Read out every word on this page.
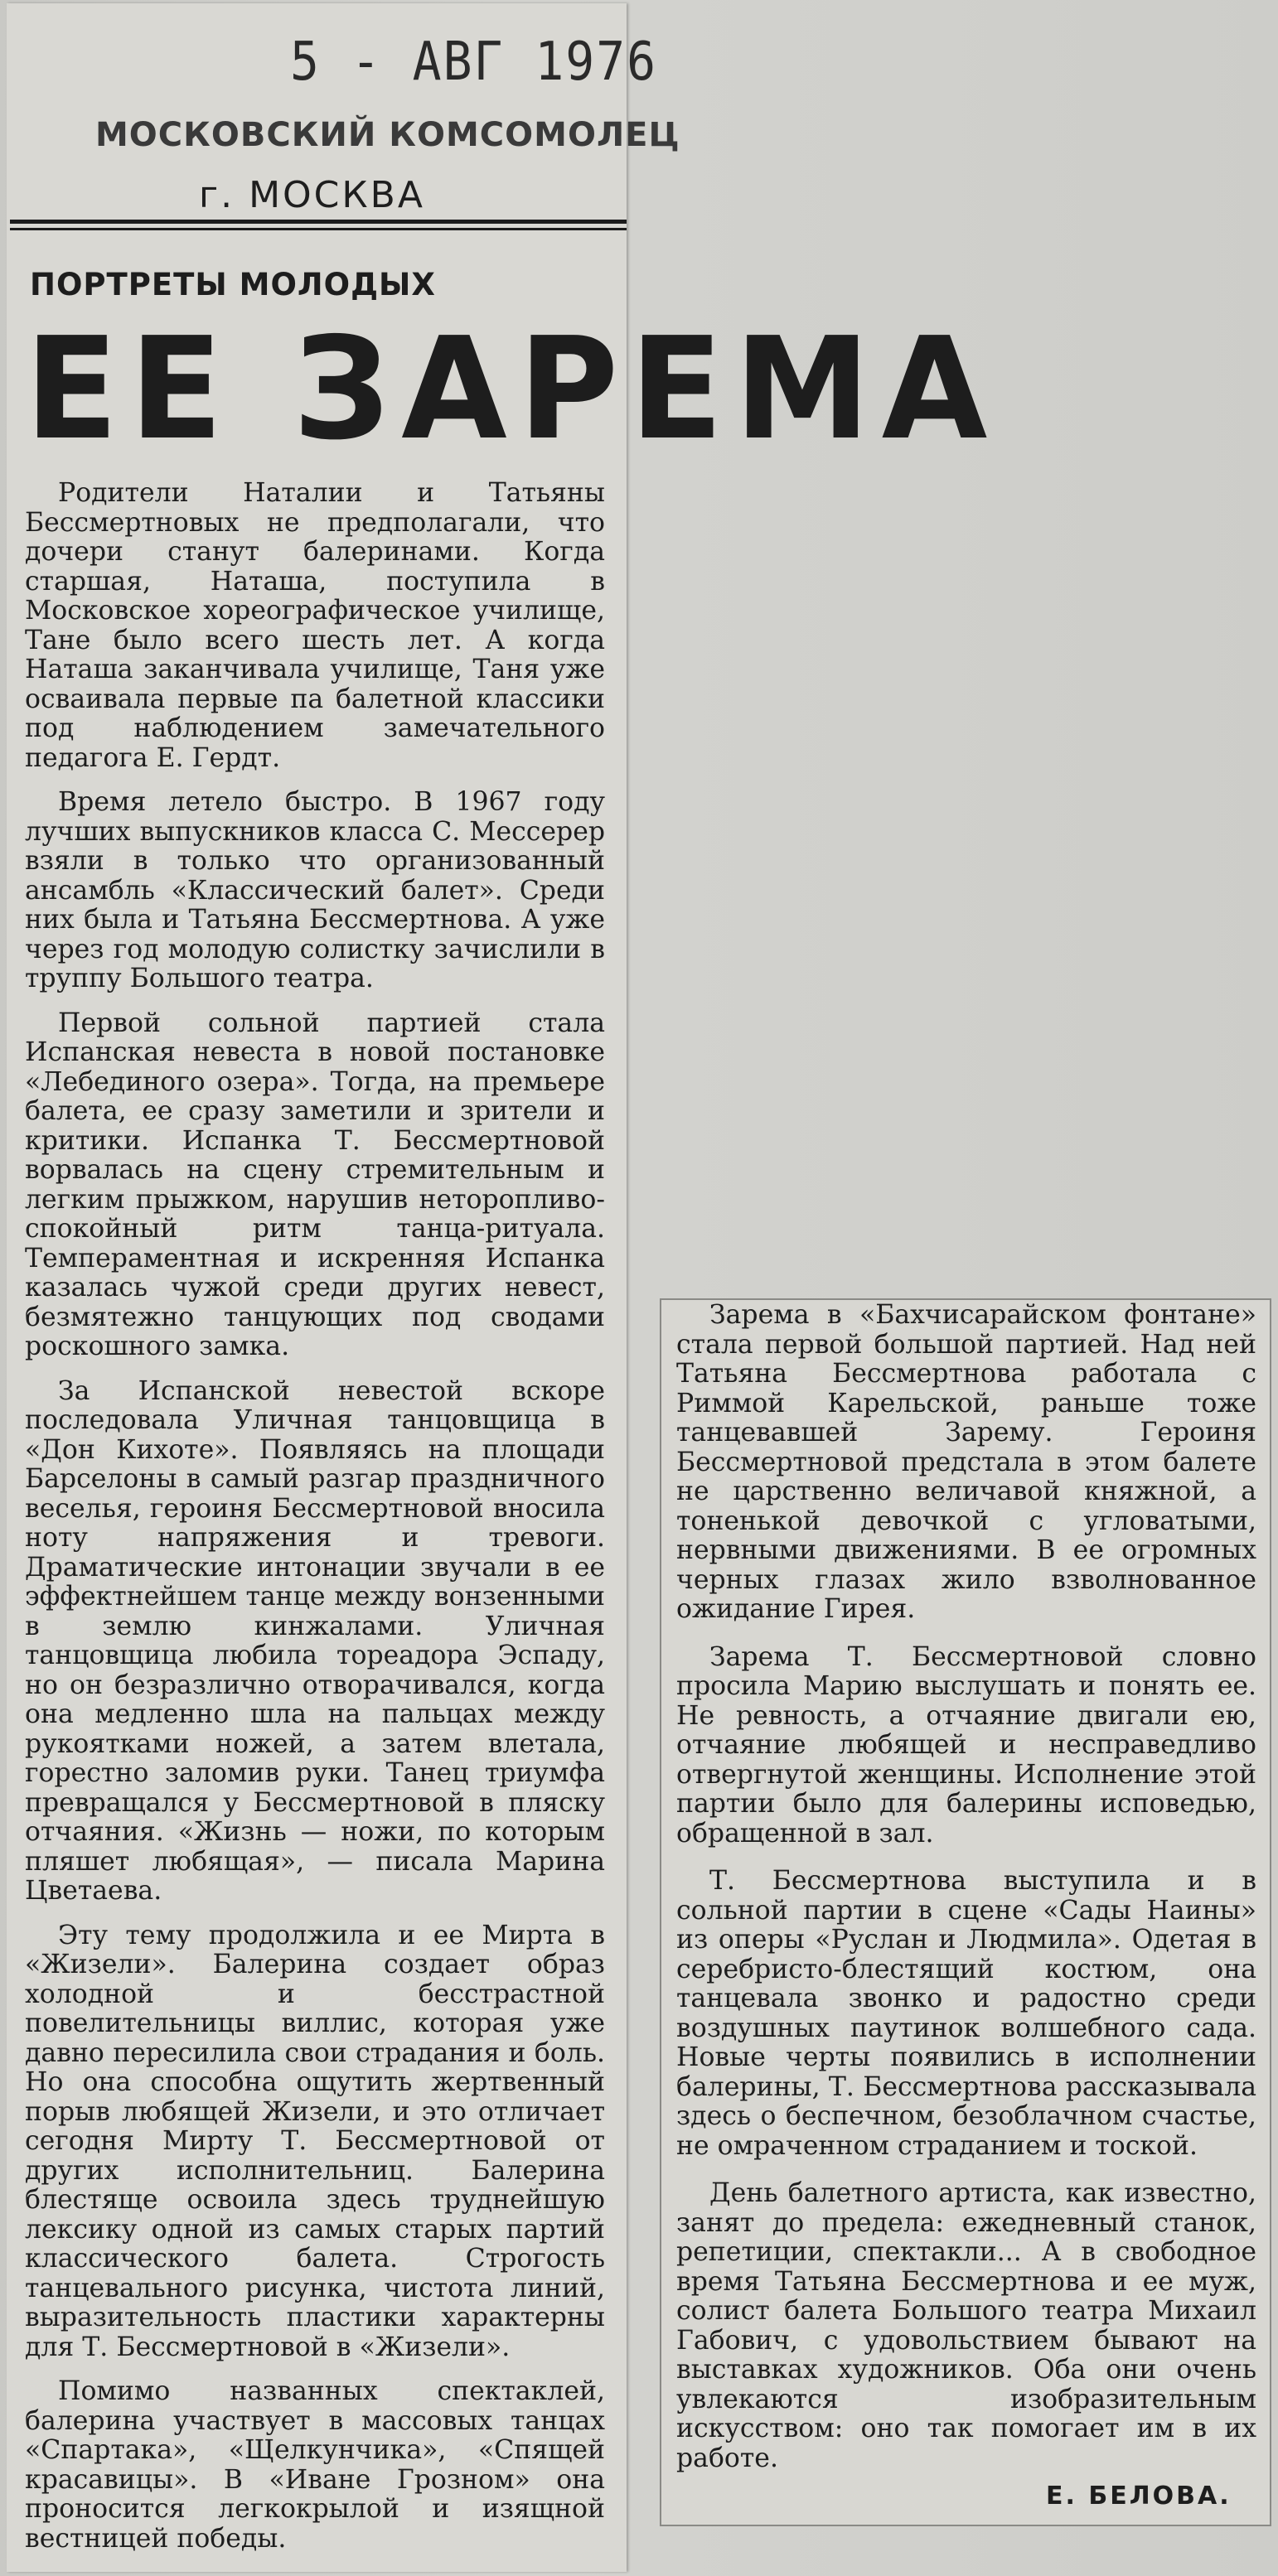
5 - АВГ 1976
МОСКОВСКИЙ КОМСОМОЛЕЦ
г. МОСКВА
ПОРТРЕТЫ МОЛОДЫХ
ЕЕ ЗАРЕМА

Родители Наталии и Татьяны Бессмертновых не предполагали, что дочери станут балеринами. Когда старшая, Наташа, поступила в Московское хореографическое училище, Тане было всего шесть лет. А когда Наташа заканчивала училище, Таня уже осваивала первые па балетной классики под наблюдением замечательного педагога Е. Гердт.

Время летело быстро. В 1967 году лучших выпускников класса С. Мессерер взяли в только что организованный ансамбль «Классический балет». Среди них была и Татьяна Бессмертнова. А уже через год молодую солистку зачислили в труппу Большого театра.

Первой сольной партией стала Испанская невеста в новой постановке «Лебединого озера». Тогда, на премьере балета, ее сразу заметили и зрители и критики. Испанка Т. Бессмертновой ворвалась на сцену стремительным и легким прыжком, нарушив неторопливо-спокойный ритм танца-ритуала. Темпераментная и искренняя Испанка казалась чужой среди других невест, безмятежно танцующих под сводами роскошного замка.

За Испанской невестой вскоре последовала Уличная танцовщица в «Дон Кихоте». Появляясь на площади Барселоны в самый разгар праздничного веселья, героиня Бессмертновой вносила ноту напряжения и тревоги. Драматические интонации звучали в ее эффектнейшем танце между вонзенными в землю кинжалами. Уличная танцовщица любила тореадора Эспаду, но он безразлично отворачивался, когда она медленно шла на пальцах между рукоятками ножей, а затем влетала, горестно заломив руки. Танец триумфа превращался у Бессмертновой в пляску отчаяния. «Жизнь — ножи, по которым пляшет любящая», — писала Марина Цветаева.

Эту тему продолжила и ее Мирта в «Жизели». Балерина создает образ холодной и бесстрастной повелительницы виллис, которая уже давно пересилила свои страдания и боль. Но она способна ощутить жертвенный порыв любящей Жизели, и это отличает сегодня Мирту Т. Бессмертновой от других исполнительниц. Балерина блестяще освоила здесь труднейшую лексику одной из самых старых партий классического балета. Строгость танцевального рисунка, чистота линий, выразительность пластики характерны для Т. Бессмертновой в «Жизели».

Помимо названных спектаклей, балерина участвует в массовых танцах «Спартака», «Щелкунчика», «Спящей красавицы». В «Иване Грозном» она проносится легкокрылой и изящной вестницей победы.

Зарема в «Бахчисарайском фонтане» стала первой большой партией. Над ней Татьяна Бессмертнова работала с Риммой Карельской, раньше тоже танцевавшей Зарему. Героиня Бессмертновой предстала в этом балете не царственно величавой княжной, а тоненькой девочкой с угловатыми, нервными движениями. В ее огромных черных глазах жило взволнованное ожидание Гирея.

Зарема Т. Бессмертновой словно просила Марию выслушать и понять ее. Не ревность, а отчаяние двигали ею, отчаяние любящей и несправедливо отвергнутой женщины. Исполнение этой партии было для балерины исповедью, обращенной в зал.

Т. Бессмертнова выступила и в сольной партии в сцене «Сады Наины» из оперы «Руслан и Людмила». Одетая в серебристо-блестящий костюм, она танцевала звонко и радостно среди воздушных паутинок волшебного сада. Новые черты появились в исполнении балерины, Т. Бессмертнова рассказывала здесь о беспечном, безоблачном счастье, не омраченном страданием и тоской.

День балетного артиста, как известно, занят до предела: ежедневный станок, репетиции, спектакли... А в свободное время Татьяна Бессмертнова и ее муж, солист балета Большого театра Михаил Габович, с удовольствием бывают на выставках художников. Оба они очень увлекаются изобразительным искусством: оно так помогает им в их работе.

Е. БЕЛОВА.
